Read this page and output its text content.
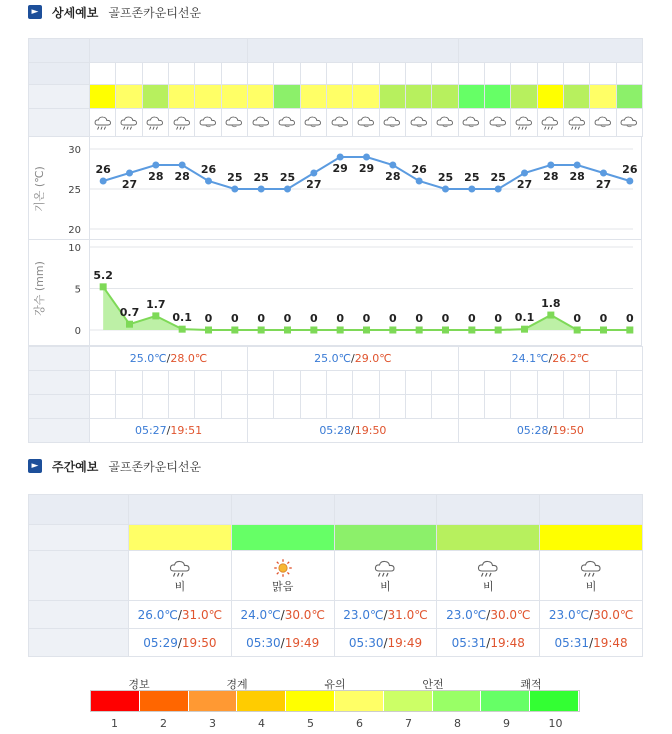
► 상세예보 골프존카운티선운

20
25
30
기온 (℃)	26
27
28 28
26
25 25 25
27
29 29
28
26
25 25 25
27
28 28
27
26
0
5
10
강수 (mm)	5.2
0.7
1.7
0.1 0 0 0 0 0 0 0 0 0 0 0 0 0.1
1.8
0 0 0
	25.0℃/28.0℃						25.0℃/29.0℃								24.1℃/26.2℃						

	05:27/19:51						05:28/19:50								05:28/19:50						
► 주간예보 골프존카운티선운

	비	맑음	비	비	비

	26.0℃/31.0℃	24.0℃/30.0℃	23.0℃/31.0℃	23.0℃/30.0℃	23.0℃/30.0℃
	05:29/19:50	05:30/19:49	05:30/19:49	05:31/19:48	05:31/19:48
경보	경계	유의	안전	쾌적
1	2	3	4	5	6	7	8	9	10
